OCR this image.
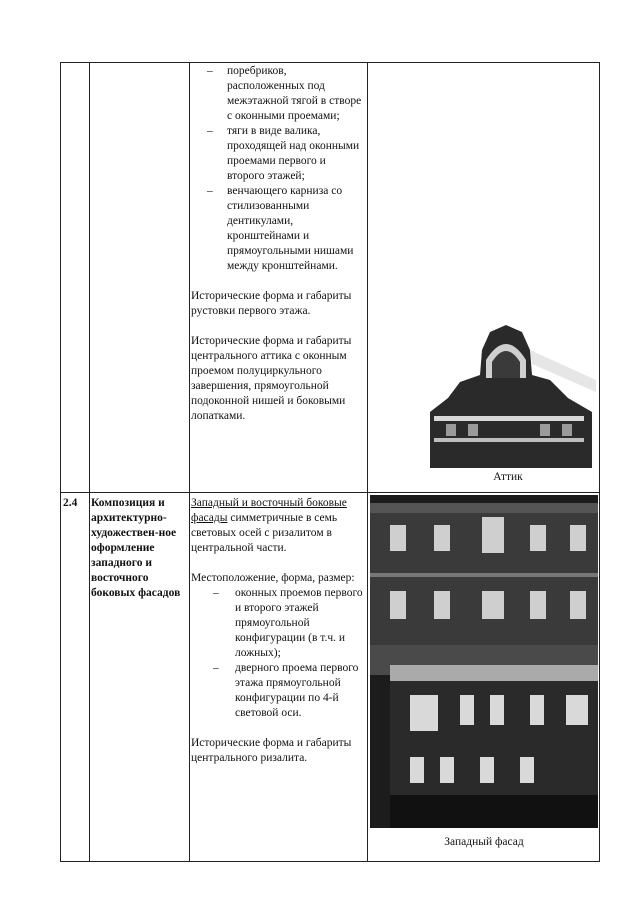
– поребриков, расположенных под межэтажной тягой в створе с оконными проемами;
– тяги в виде валика, проходящей над оконными проемами первого и второго этажей;
– венчающего карниза со стилизованными дентикулами, кронштейнами и прямоугольными нишами между кронштейнами.

Исторические форма и габариты рустовки первого этажа.

Исторические форма и габариты центрального аттика с оконным проемом полуциркульного завершения, прямоугольной подоконной нишей и боковыми лопатками.

Аттик
2.4	Композиция и архитектурно-художествен-ное оформление западного и восточного боковых фасадов

Западный и восточный боковые фасады симметричные в семь световых осей с ризалитом в центральной части.

Местоположение, форма, размер:

– оконных проемов первого и второго этажей прямоугольной конфигурации (в т.ч. и ложных);
– дверного проема первого этажа прямоугольной конфигурации по 4-й световой оси.

Исторические форма и габариты центрального ризалита.

Западный фасад
